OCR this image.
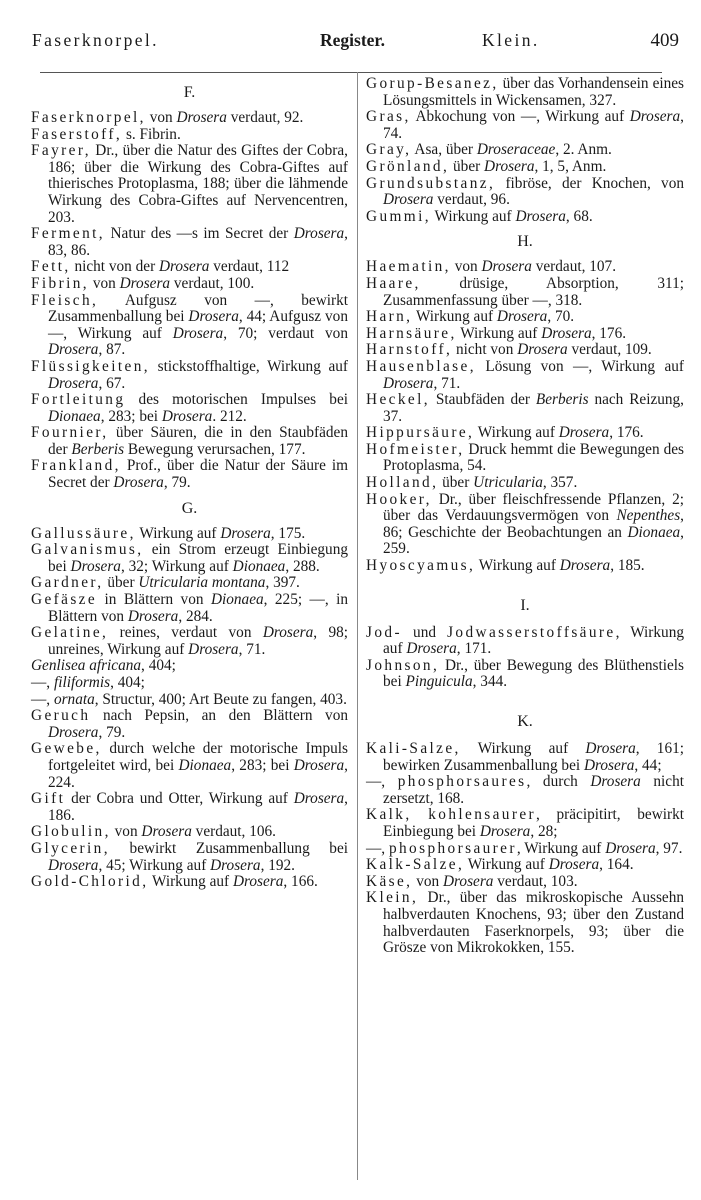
Faserknorpel.	Register.	Klein.	409
F.

Faserknorpel, von Drosera verdaut, 92.

Faserstoff, s. Fibrin.

Fayrer, Dr., über die Natur des Giftes der Cobra, 186; über die Wirkung des Cobra-Giftes auf thierisches Protoplasma, 188; über die lähmende Wirkung des Cobra-Giftes auf Nervencentren, 203.

Ferment, Natur des —s im Secret der Drosera, 83, 86.

Fett, nicht von der Drosera verdaut, 112

Fibrin, von Drosera verdaut, 100.

Fleisch, Aufgusz von —, bewirkt Zusammenballung bei Drosera, 44; Aufgusz von —, Wirkung auf Drosera, 70; verdaut von Drosera, 87.

Flüssigkeiten, stickstoffhaltige, Wirkung auf Drosera, 67.

Fortleitung des motorischen Impulses bei Dionaea, 283; bei Drosera. 212.

Fournier, über Säuren, die in den Staubfäden der Berberis Bewegung verursachen, 177.

Frankland, Prof., über die Natur der Säure im Secret der Drosera, 79.

G.

Gallussäure, Wirkung auf Drosera, 175.

Galvanismus, ein Strom erzeugt Einbiegung bei Drosera, 32; Wirkung auf Dionaea, 288.

Gardner, über Utricularia montana, 397.

Gefäsze in Blättern von Dionaea, 225; —, in Blättern von Drosera, 284.

Gelatine, reines, verdaut von Drosera, 98; unreines, Wirkung auf Drosera, 71.

Genlisea africana, 404;

—, filiformis, 404;

—, ornata, Structur, 400; Art Beute zu fangen, 403.

Geruch nach Pepsin, an den Blättern von Drosera, 79.

Gewebe, durch welche der motorische Impuls fortgeleitet wird, bei Dionaea, 283; bei Drosera, 224.

Gift der Cobra und Otter, Wirkung auf Drosera, 186.

Globulin, von Drosera verdaut, 106.

Glycerin, bewirkt Zusammenballung bei Drosera, 45; Wirkung auf Drosera, 192.

Gold-Chlorid, Wirkung auf Drosera, 166.

Gorup-Besanez, über das Vorhandensein eines Lösungsmittels in Wickensamen, 327.

Gras, Abkochung von —, Wirkung auf Drosera, 74.

Gray, Asa, über Droseraceae, 2. Anm.

Grönland, über Drosera, 1, 5, Anm.

Grundsubstanz, fibröse, der Knochen, von Drosera verdaut, 96.

Gummi, Wirkung auf Drosera, 68.

H.

Haematin, von Drosera verdaut, 107.

Haare, drüsige, Absorption, 311; Zusammenfassung über —, 318.

Harn, Wirkung auf Drosera, 70.

Harnsäure, Wirkung auf Drosera, 176.

Harnstoff, nicht von Drosera verdaut, 109.

Hausenblase, Lösung von —, Wirkung auf Drosera, 71.

Heckel, Staubfäden der Berberis nach Reizung, 37.

Hippursäure, Wirkung auf Drosera, 176.

Hofmeister, Druck hemmt die Bewegungen des Protoplasma, 54.

Holland, über Utricularia, 357.

Hooker, Dr., über fleischfressende Pflanzen, 2; über das Verdauungsvermögen von Nepenthes, 86; Geschichte der Beobachtungen an Dionaea, 259.

Hyoscyamus, Wirkung auf Drosera, 185.

I.

Jod- und Jodwasserstoffsäure, Wirkung auf Drosera, 171.

Johnson, Dr., über Bewegung des Blüthenstiels bei Pinguicula, 344.

K.

Kali-Salze, Wirkung auf Drosera, 161; bewirken Zusammenballung bei Drosera, 44;

—, phosphorsaures, durch Drosera nicht zersetzt, 168.

Kalk, kohlensaurer, präcipitirt, bewirkt Einbiegung bei Drosera, 28;

—, phosphorsaurer, Wirkung auf Drosera, 97.

Kalk-Salze, Wirkung auf Drosera, 164.

Käse, von Drosera verdaut, 103.

Klein, Dr., über das mikroskopische Aussehn halbverdauten Knochens, 93; über den Zustand halbverdauten Faserknorpels, 93; über die Grösze von Mikrokokken, 155.
